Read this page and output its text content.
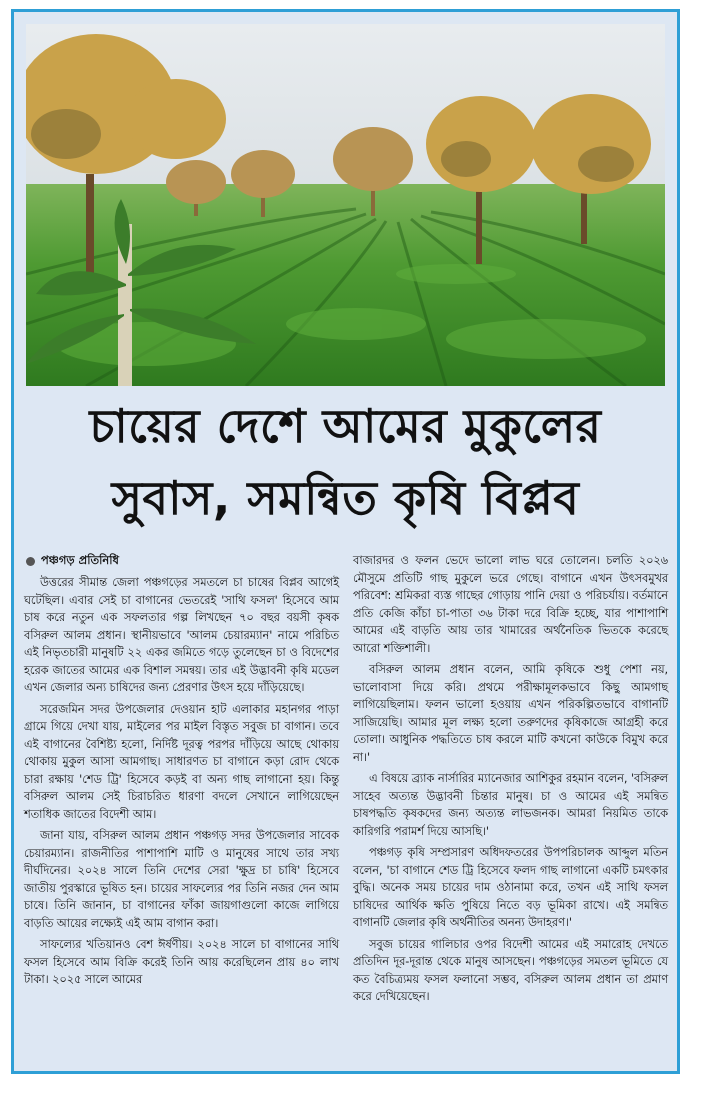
চায়ের দেশে আমের মুকুলের
সুবাস, সমন্বিত কৃষি বিপ্লব
পঞ্চগড় প্রতিনিধি

উত্তরের সীমান্ত জেলা পঞ্চগড়ের সমতলে চা চাষের বিপ্লব আগেই ঘটেছিল। এবার সেই চা বাগানের ভেতরেই 'সাথি ফসল' হিসেবে আম চাষ করে নতুন এক সফলতার গল্প লিখছেন ৭০ বছর বয়সী কৃষক বসিরুল আলম প্রধান। স্থানীয়ভাবে 'আলম চেয়ারম্যান' নামে পরিচিত এই নিভৃতচারী মানুষটি ২২ একর জমিতে গড়ে তুলেছেন চা ও বিদেশের হরেক জাতের আমের এক বিশাল সমন্বয়। তার এই উদ্ভাবনী কৃষি মডেল এখন জেলার অন্য চাষিদের জন্য প্রেরণার উৎস হয়ে দাঁড়িয়েছে।

সরেজমিন সদর উপজেলার দেওয়ান হাট এলাকার মহানগর পাড়া গ্রামে গিয়ে দেখা যায়, মাইলের পর মাইল বিস্তৃত সবুজ চা বাগান। তবে এই বাগানের বৈশিষ্ট্য হলো, নির্দিষ্ট দূরত্ব পরপর দাঁড়িয়ে আছে থোকায় থোকায় মুকুল আসা আমগাছ। সাধারণত চা বাগানে কড়া রোদ থেকে চারা রক্ষায় 'শেড ট্রি' হিসেবে কড়ই বা অন্য গাছ লাগানো হয়। কিন্তু বসিরুল আলম সেই চিরাচরিত ধারণা বদলে সেখানে লাগিয়েছেন শতাধিক জাতের বিদেশী আম।

জানা যায়, বসিরুল আলম প্রধান পঞ্চগড় সদর উপজেলার সাবেক চেয়ারম্যান। রাজনীতির পাশাপাশি মাটি ও মানুষের সাথে তার সখ্য দীর্ঘদিনের। ২০২৪ সালে তিনি দেশের সেরা 'ক্ষুদ্র চা চাষি' হিসেবে জাতীয় পুরস্কারে ভূষিত হন। চায়ের সাফল্যের পর তিনি নজর দেন আম চাষে। তিনি জানান, চা বাগানের ফাঁকা জায়গাগুলো কাজে লাগিয়ে বাড়তি আয়ের লক্ষ্যেই এই আম বাগান করা।

সাফল্যের খতিয়ানও বেশ ঈর্ষণীয়। ২০২৪ সালে চা বাগানের সাথি ফসল হিসেবে আম বিক্রি করেই তিনি আয় করেছিলেন প্রায় ৪০ লাখ টাকা। ২০২৫ সালে আমের

বাজারদর ও ফলন ভেদে ভালো লাভ ঘরে তোলেন। চলতি ২০২৬ মৌসুমে প্রতিটি গাছ মুকুলে ভরে গেছে। বাগানে এখন উৎসবমুখর পরিবেশ: শ্রমিকরা ব্যস্ত গাছের গোড়ায় পানি দেয়া ও পরিচর্যায়। বর্তমানে প্রতি কেজি কাঁচা চা-পাতা ৩৬ টাকা দরে বিক্রি হচ্ছে, যার পাশাপাশি আমের এই বাড়তি আয় তার খামারের অর্থনৈতিক ভিতকে করেছে আরো শক্তিশালী।

বসিরুল আলম প্রধান বলেন, আমি কৃষিকে শুধু পেশা নয়, ভালোবাসা দিয়ে করি। প্রথমে পরীক্ষামূলকভাবে কিছু আমগাছ লাগিয়েছিলাম। ফলন ভালো হওয়ায় এখন পরিকল্পিতভাবে বাগানটি সাজিয়েছি। আমার মূল লক্ষ্য হলো তরুণদের কৃষিকাজে আগ্রহী করে তোলা। আধুনিক পদ্ধতিতে চাষ করলে মাটি কখনো কাউকে বিমুখ করে না।'

এ বিষয়ে ব্র্যাক নার্সারির ম্যানেজার আশিকুর রহমান বলেন, 'বসিরুল সাহেব অত্যন্ত উদ্ভাবনী চিন্তার মানুষ। চা ও আমের এই সমন্বিত চাষপদ্ধতি কৃষকদের জন্য অত্যন্ত লাভজনক। আমরা নিয়মিত তাকে কারিগরি পরামর্শ দিয়ে আসছি।'

পঞ্চগড় কৃষি সম্প্রসারণ অধিদফতরের উপপরিচালক আব্দুল মতিন বলেন, 'চা বাগানে শেড ট্রি হিসেবে ফলদ গাছ লাগানো একটি চমৎকার বুদ্ধি। অনেক সময় চায়ের দাম ওঠানামা করে, তখন এই সাথি ফসল চাষিদের আর্থিক ক্ষতি পুষিয়ে নিতে বড় ভূমিকা রাখে। এই সমন্বিত বাগানটি জেলার কৃষি অর্থনীতির অনন্য উদাহরণ।'

সবুজ চায়ের গালিচার ওপর বিদেশী আমের এই সমারোহ দেখতে প্রতিদিন দূর-দূরান্ত থেকে মানুষ আসছেন। পঞ্চগড়ের সমতল ভূমিতে যে কত বৈচিত্র্যময় ফসল ফলানো সম্ভব, বসিরুল আলম প্রধান তা প্রমাণ করে দেখিয়েছেন।
